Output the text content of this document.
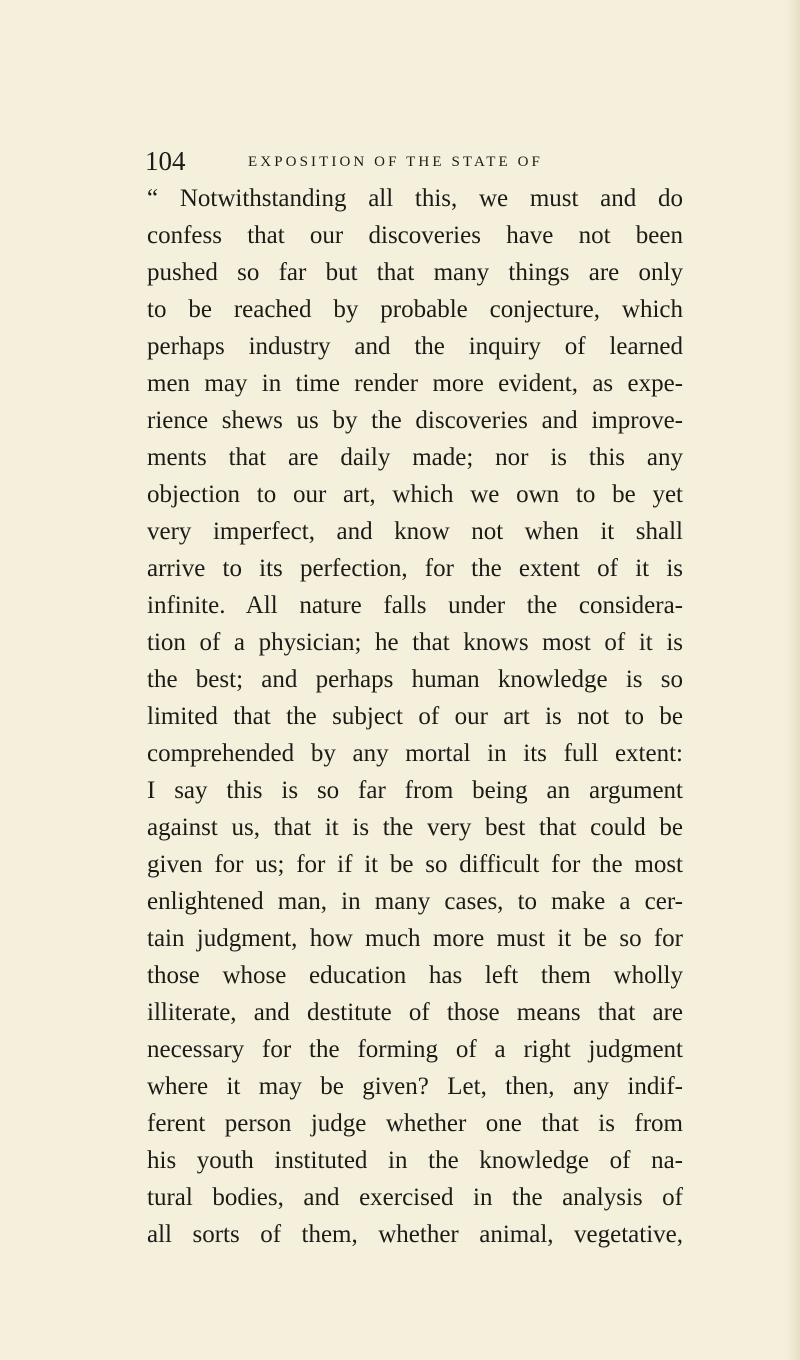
104	EXPOSITION OF THE STATE OF
“ Notwithstanding all this, we must and do
confess that our discoveries have not been
pushed so far but that many things are only
to be reached by probable conjecture, which
perhaps industry and the inquiry of learned
men may in time render more evident, as expe-
rience shews us by the discoveries and improve-
ments that are daily made; nor is this any
objection to our art, which we own to be yet
very imperfect, and know not when it shall
arrive to its perfection, for the extent of it is
infinite. All nature falls under the considera-
tion of a physician; he that knows most of it is
the best; and perhaps human knowledge is so
limited that the subject of our art is not to be
comprehended by any mortal in its full extent:
I say this is so far from being an argument
against us, that it is the very best that could be
given for us; for if it be so difficult for the most
enlightened man, in many cases, to make a cer-
tain judgment, how much more must it be so for
those whose education has left them wholly
illiterate, and destitute of those means that are
necessary for the forming of a right judgment
where it may be given? Let, then, any indif-
ferent person judge whether one that is from
his youth instituted in the knowledge of na-
tural bodies, and exercised in the analysis of
all sorts of them, whether animal, vegetative,
